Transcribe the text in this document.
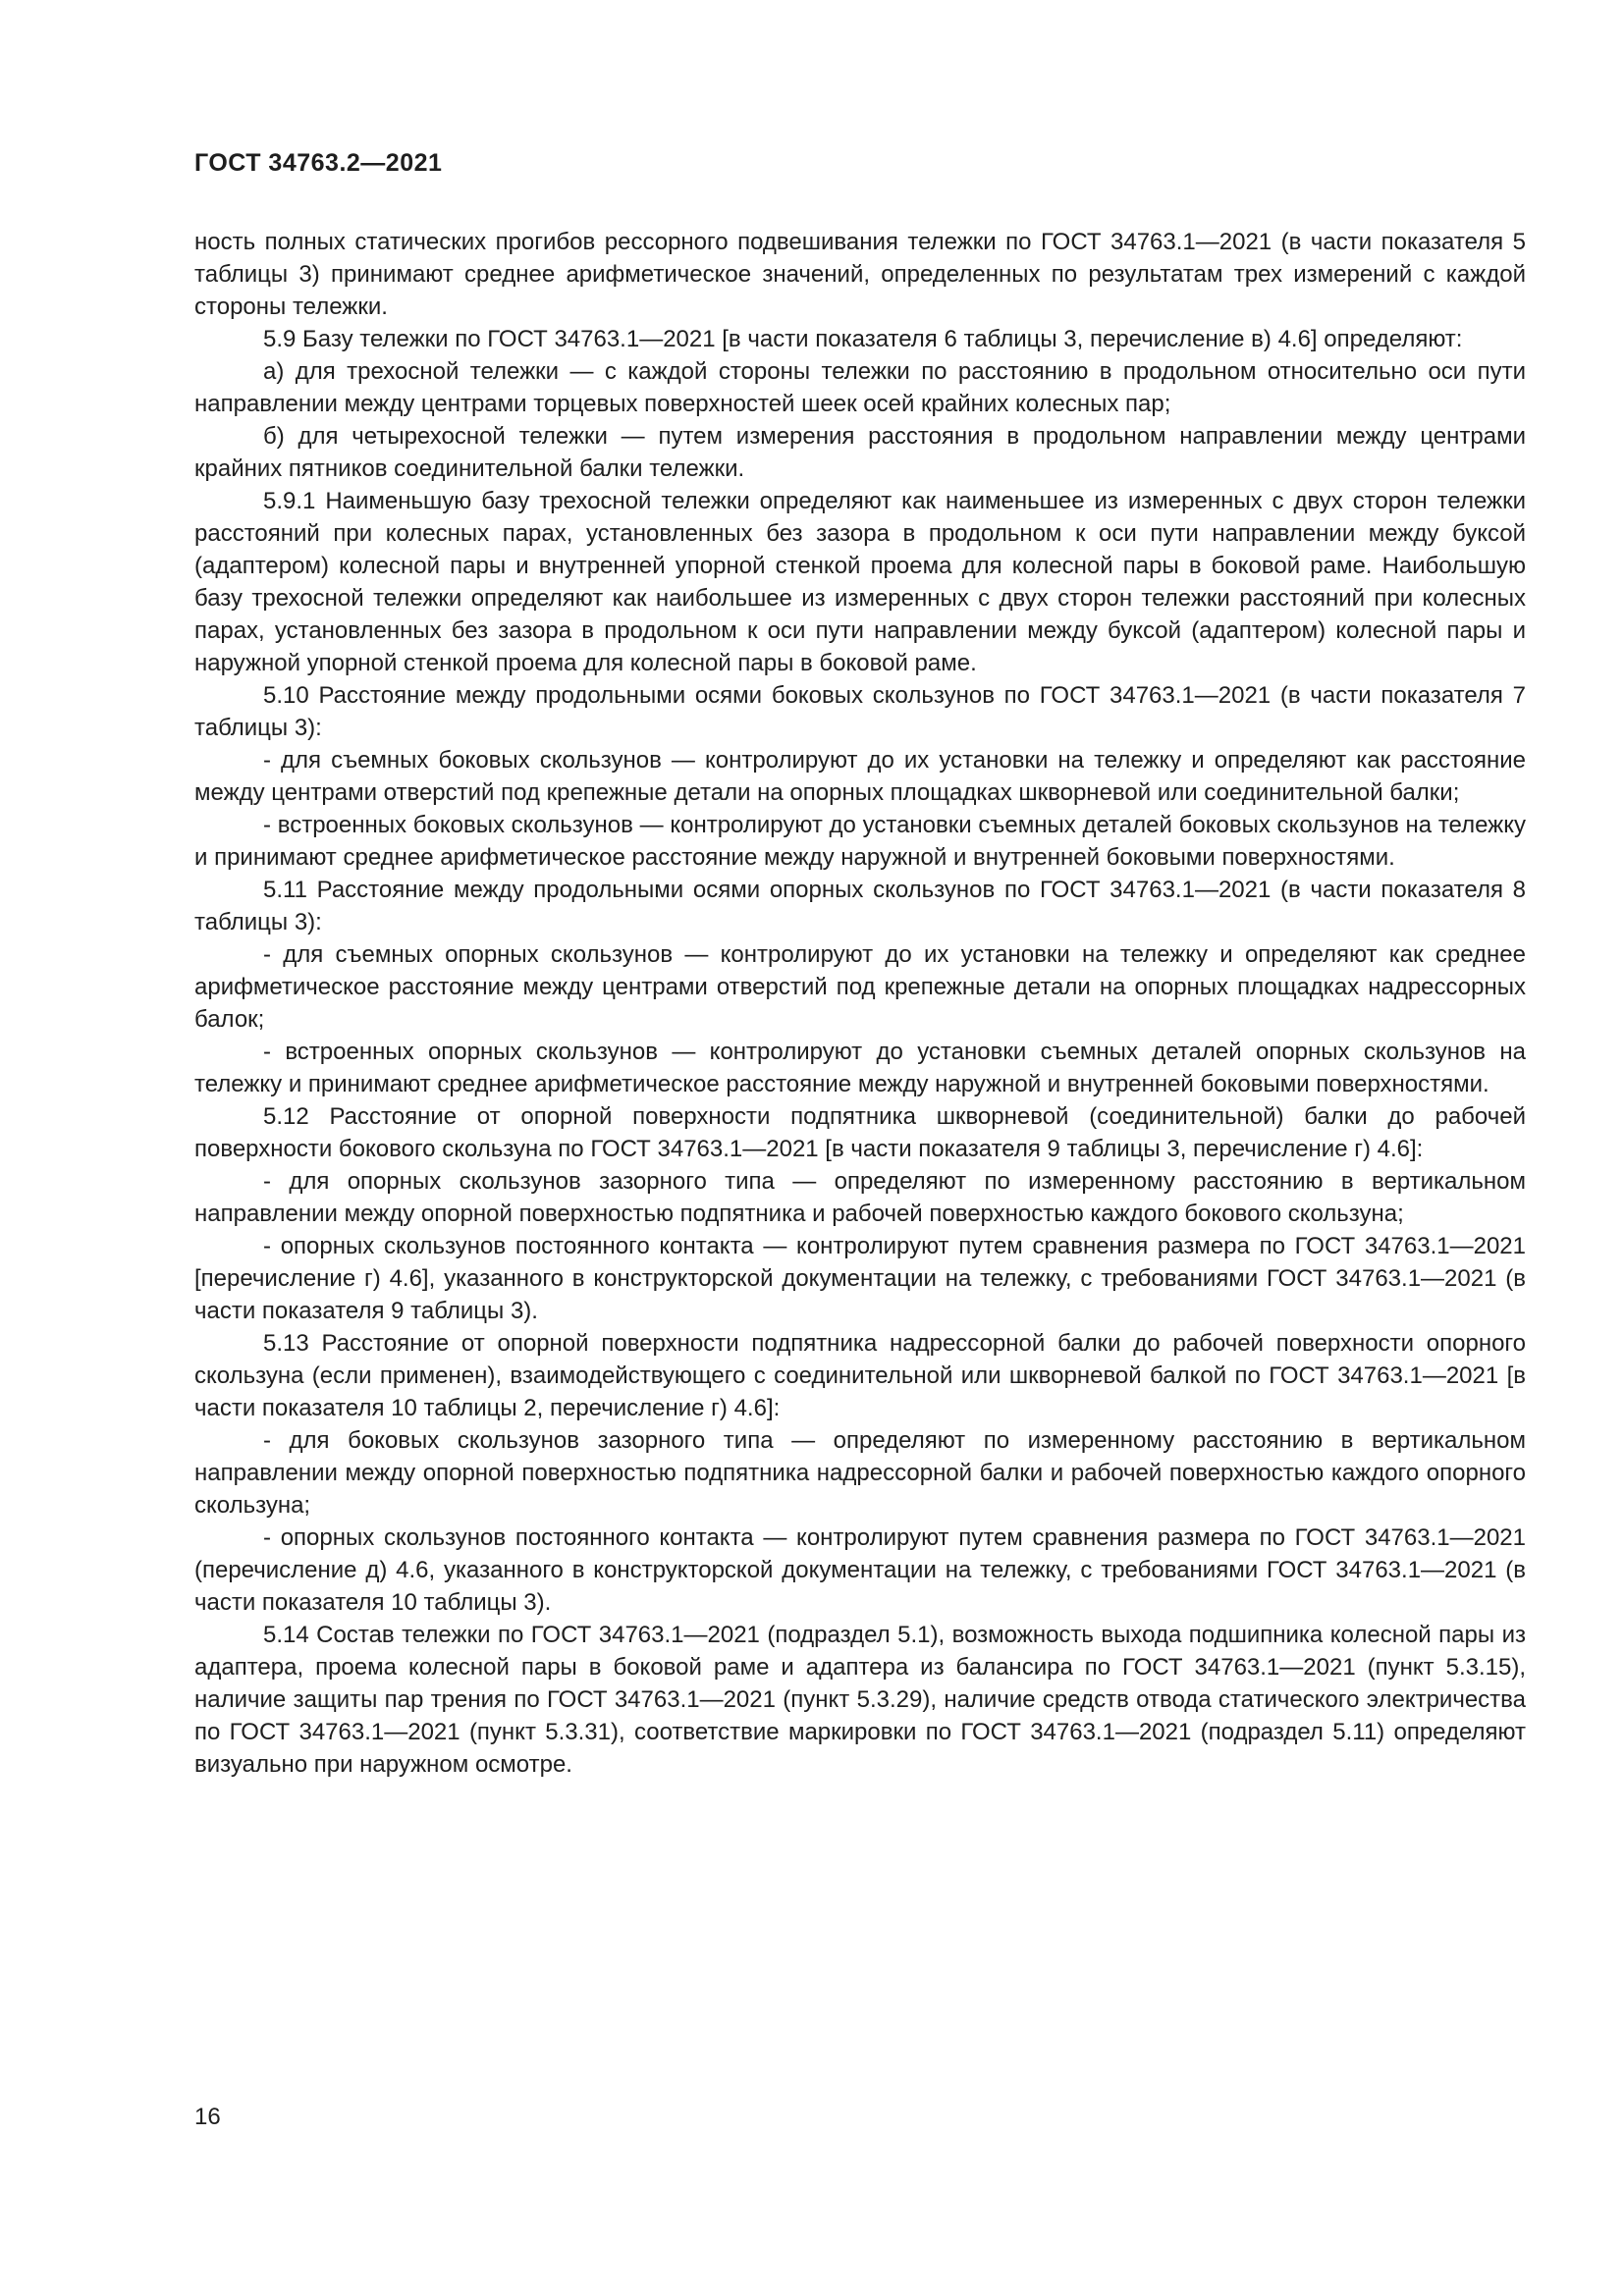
ГОСТ 34763.2—2021

ность полных статических прогибов рессорного подвешивания тележки по ГОСТ 34763.1—2021 (в части показателя 5 таблицы 3) принимают среднее арифметическое значений, определенных по результатам трех измерений с каждой стороны тележки.

5.9 Базу тележки по ГОСТ 34763.1—2021 [в части показателя 6 таблицы 3, перечисление в) 4.6] определяют:

а) для трехосной тележки — с каждой стороны тележки по расстоянию в продольном относительно оси пути направлении между центрами торцевых поверхностей шеек осей крайних колесных пар;

б) для четырехосной тележки — путем измерения расстояния в продольном направлении между центрами крайних пятников соединительной балки тележки.

5.9.1 Наименьшую базу трехосной тележки определяют как наименьшее из измеренных с двух сторон тележки расстояний при колесных парах, установленных без зазора в продольном к оси пути направлении между буксой (адаптером) колесной пары и внутренней упорной стенкой проема для колесной пары в боковой раме. Наибольшую базу трехосной тележки определяют как наибольшее из измеренных с двух сторон тележки расстояний при колесных парах, установленных без зазора в продольном к оси пути направлении между буксой (адаптером) колесной пары и наружной упорной стенкой проема для колесной пары в боковой раме.

5.10 Расстояние между продольными осями боковых скользунов по ГОСТ 34763.1—2021 (в части показателя 7 таблицы 3):

- для съемных боковых скользунов — контролируют до их установки на тележку и определяют как расстояние между центрами отверстий под крепежные детали на опорных площадках шкворневой или соединительной балки;

- встроенных боковых скользунов — контролируют до установки съемных деталей боковых скользунов на тележку и принимают среднее арифметическое расстояние между наружной и внутренней боковыми поверхностями.

5.11 Расстояние между продольными осями опорных скользунов по ГОСТ 34763.1—2021 (в части показателя 8 таблицы 3):

- для съемных опорных скользунов — контролируют до их установки на тележку и определяют как среднее арифметическое расстояние между центрами отверстий под крепежные детали на опорных площадках надрессорных балок;

- встроенных опорных скользунов — контролируют до установки съемных деталей опорных скользунов на тележку и принимают среднее арифметическое расстояние между наружной и внутренней боковыми поверхностями.

5.12 Расстояние от опорной поверхности подпятника шкворневой (соединительной) балки до рабочей поверхности бокового скользуна по ГОСТ 34763.1—2021 [в части показателя 9 таблицы 3, перечисление г) 4.6]:

- для опорных скользунов зазорного типа — определяют по измеренному расстоянию в вертикальном направлении между опорной поверхностью подпятника и рабочей поверхностью каждого бокового скользуна;

- опорных скользунов постоянного контакта — контролируют путем сравнения размера по ГОСТ 34763.1—2021 [перечисление г) 4.6], указанного в конструкторской документации на тележку, с требованиями ГОСТ 34763.1—2021 (в части показателя 9 таблицы 3).

5.13 Расстояние от опорной поверхности подпятника надрессорной балки до рабочей поверхности опорного скользуна (если применен), взаимодействующего с соединительной или шкворневой балкой по ГОСТ 34763.1—2021 [в части показателя 10 таблицы 2, перечисление г) 4.6]:

- для боковых скользунов зазорного типа — определяют по измеренному расстоянию в вертикальном направлении между опорной поверхностью подпятника надрессорной балки и рабочей поверхностью каждого опорного скользуна;

- опорных скользунов постоянного контакта — контролируют путем сравнения размера по ГОСТ 34763.1—2021 (перечисление д) 4.6, указанного в конструкторской документации на тележку, с требованиями ГОСТ 34763.1—2021 (в части показателя 10 таблицы 3).

5.14 Состав тележки по ГОСТ 34763.1—2021 (подраздел 5.1), возможность выхода подшипника колесной пары из адаптера, проема колесной пары в боковой раме и адаптера из балансира по ГОСТ 34763.1—2021 (пункт 5.3.15), наличие защиты пар трения по ГОСТ 34763.1—2021 (пункт 5.3.29), наличие средств отвода статического электричества по ГОСТ 34763.1—2021 (пункт 5.3.31), соответствие маркировки по ГОСТ 34763.1—2021 (подраздел 5.11) определяют визуально при наружном осмотре.

16
